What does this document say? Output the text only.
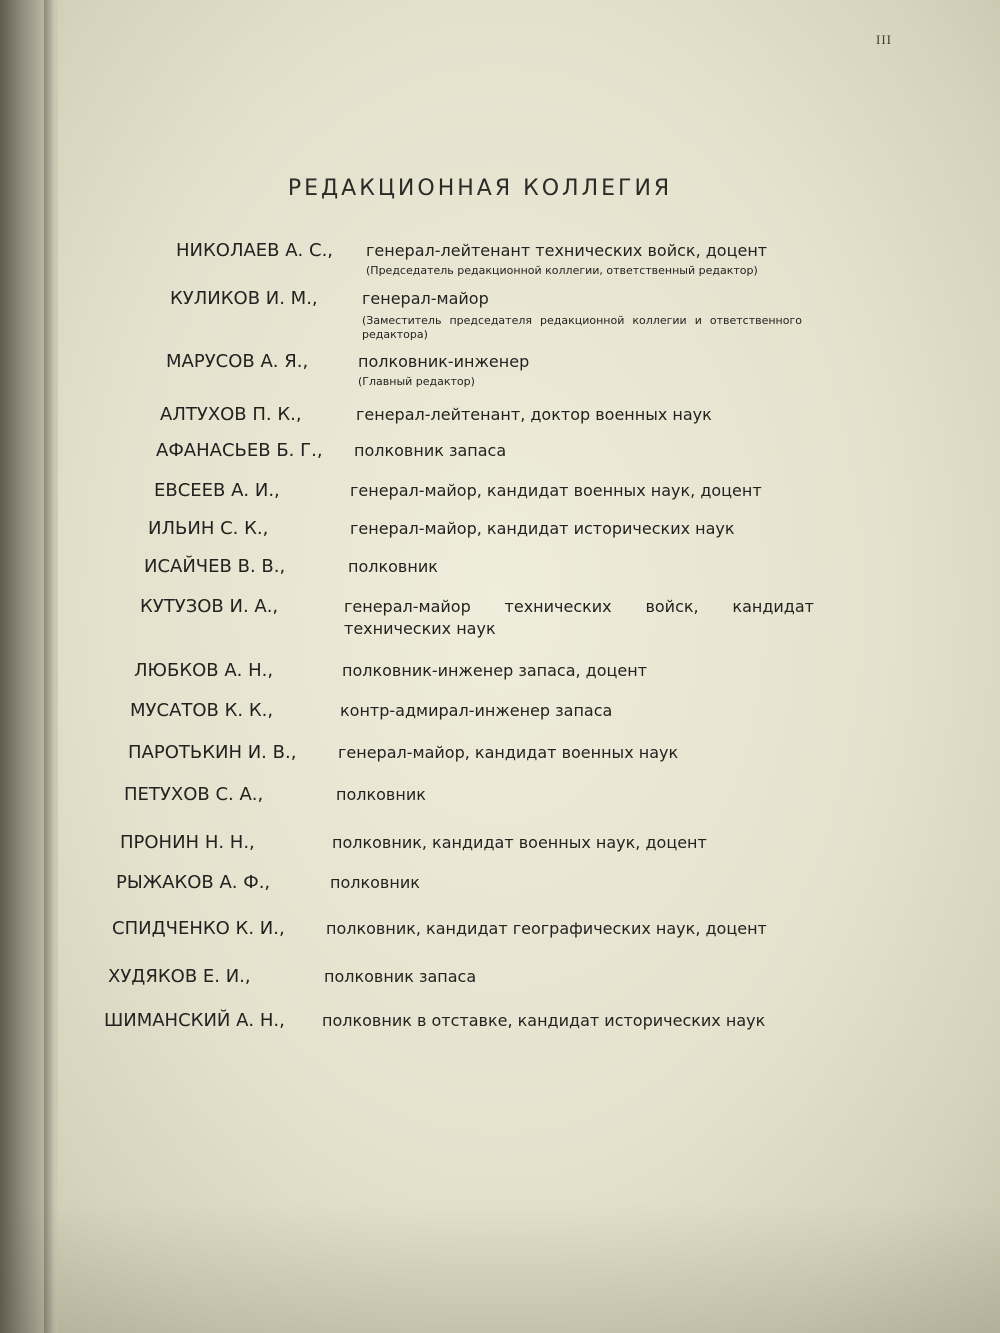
III
РЕДАКЦИОННАЯ КОЛЛЕГИЯ
НИКОЛАЕВ А. С., генерал-лейтенант технических войск, доцент
(Председатель редакционной коллегии, ответственный редактор)
КУЛИКОВ И. М.,	генерал-майор
(Заместитель председателя редакционной коллегии и ответственного редактора)
МАРУСОВ А. Я.,	полковник-инженер
(Главный редактор)
АЛТУХОВ П. К.,	генерал-лейтенант, доктор военных наук
АФАНАСЬЕВ Б. Г., полковник запаса
ЕВСЕЕВ А. И.,	генерал-майор, кандидат военных наук, доцент
ИЛЬИН С. К.,	генерал-майор, кандидат исторических наук
ИСАЙЧЕВ В. В.,	полковник
КУТУЗОВ И. А.,	генерал-майор технических войск, кандидат технических наук
ЛЮБКОВ А. Н.,	полковник-инженер запаса, доцент
МУСАТОВ К. К.,	контр-адмирал-инженер запаса
ПАРОТЬКИН И. В.,	генерал-майор, кандидат военных наук
ПЕТУХОВ С. А.,	полковник
ПРОНИН Н. Н.,	полковник, кандидат военных наук, доцент
РЫЖАКОВ А. Ф.,	полковник
СПИДЧЕНКО К. И.,	полковник, кандидат географических наук, доцент
ХУДЯКОВ Е. И.,	полковник запаса
ШИМАНСКИЙ А. Н., полковник в отставке, кандидат исторических наук
